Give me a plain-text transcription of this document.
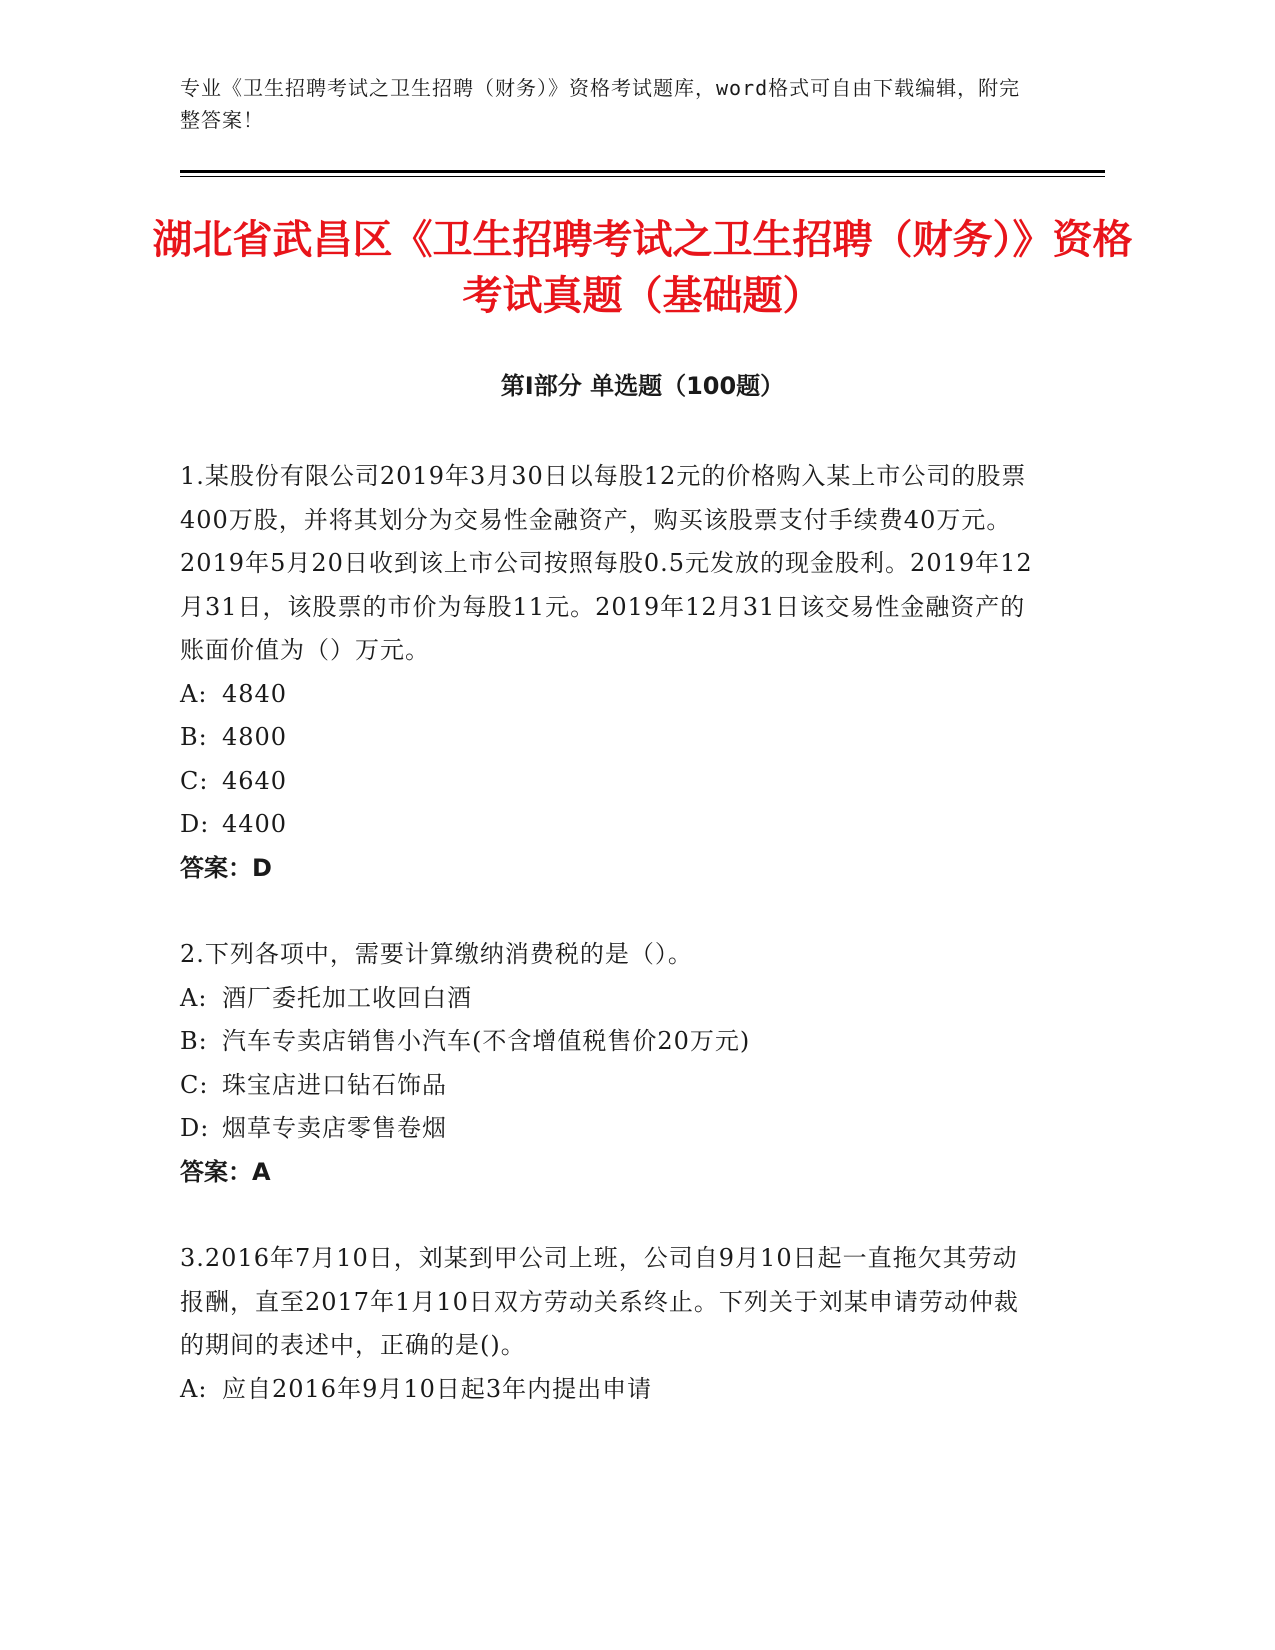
专业《卫生招聘考试之卫生招聘（财务）》资格考试题库，word格式可自由下载编辑，附完整答案！
湖北省武昌区《卫生招聘考试之卫生招聘（财务）》资格考试真题（基础题）
第Ⅰ部分 单选题（100题）

1.某股份有限公司2019年3月30日以每股12元的价格购入某上市公司的股票400万股，并将其划分为交易性金融资产，购买该股票支付手续费40万元。2019年5月20日收到该上市公司按照每股0.5元发放的现金股利。2019年12月31日，该股票的市价为每股11元。2019年12月31日该交易性金融资产的账面价值为（）万元。

A: 4840

B: 4800

C: 4640

D: 4400

答案：D

2.下列各项中，需要计算缴纳消费税的是（）。

A: 酒厂委托加工收回白酒

B: 汽车专卖店销售小汽车(不含增值税售价20万元)

C: 珠宝店进口钻石饰品

D: 烟草专卖店零售卷烟

答案：A

3.2016年7月10日，刘某到甲公司上班，公司自9月10日起一直拖欠其劳动报酬，直至2017年1月10日双方劳动关系终止。下列关于刘某申请劳动仲裁的期间的表述中，正确的是()。

A: 应自2016年9月10日起3年内提出申请
